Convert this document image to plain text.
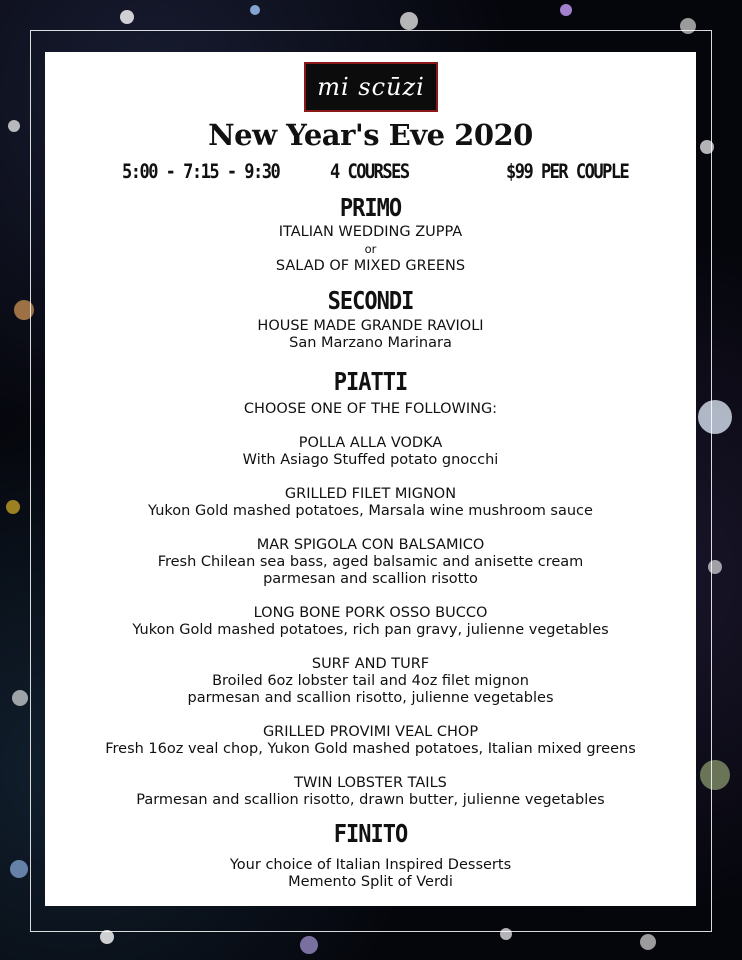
mi scūzi
New Year's Eve 2020
5:00 - 7:15 - 9:30	4 COURSES	$99 PER COUPLE
PRIMO
ITALIAN WEDDING ZUPPA
or
SALAD OF MIXED GREENS
SECONDI
HOUSE MADE GRANDE RAVIOLI
San Marzano Marinara
PIATTI
CHOOSE ONE OF THE FOLLOWING:
POLLA ALLA VODKA
With Asiago Stuffed potato gnocchi
GRILLED FILET MIGNON
Yukon Gold mashed potatoes, Marsala wine mushroom sauce
MAR SPIGOLA CON BALSAMICO
Fresh Chilean sea bass, aged balsamic and anisette cream
parmesan and scallion risotto
LONG BONE PORK OSSO BUCCO
Yukon Gold mashed potatoes, rich pan gravy, julienne vegetables
SURF AND TURF
Broiled 6oz lobster tail and 4oz filet mignon
parmesan and scallion risotto, julienne vegetables
GRILLED PROVIMI VEAL CHOP
Fresh 16oz veal chop, Yukon Gold mashed potatoes, Italian mixed greens
TWIN LOBSTER TAILS
Parmesan and scallion risotto, drawn butter, julienne vegetables
FINITO
Your choice of Italian Inspired Desserts
Memento Split of Verdi
